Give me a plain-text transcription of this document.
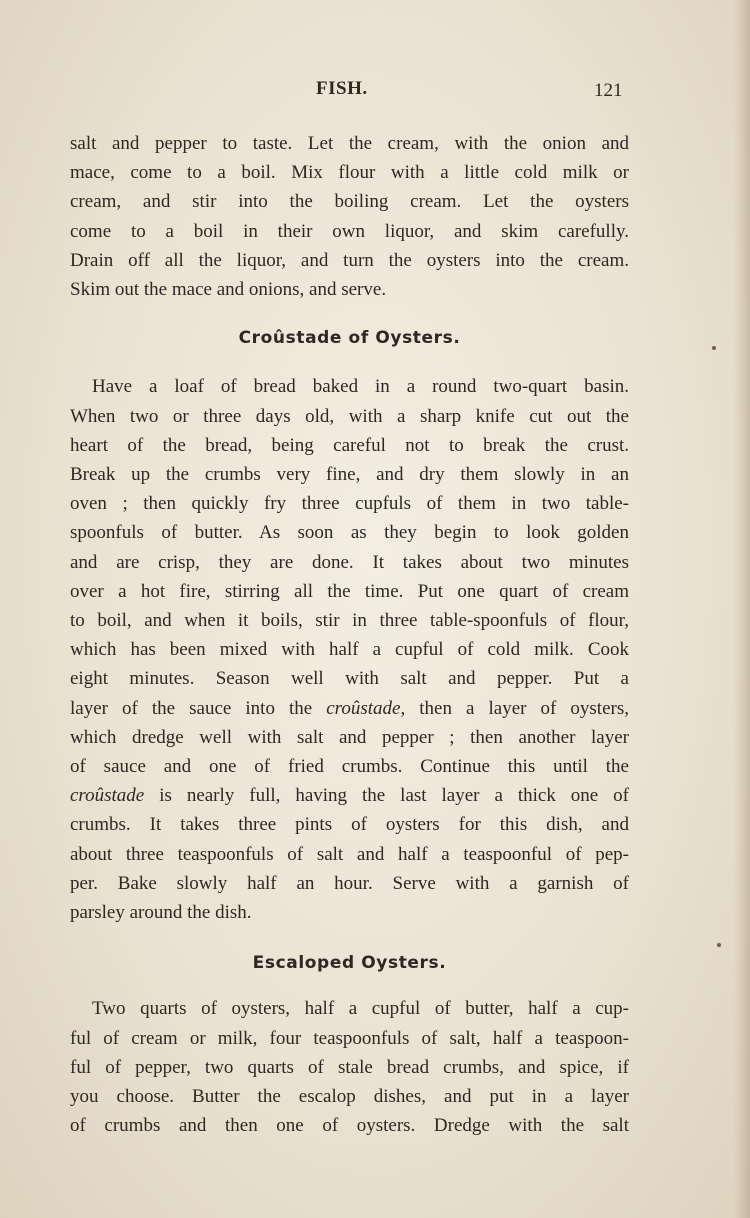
FISH.	121
salt and pepper to taste. Let the cream, with the onion and
mace, come to a boil. Mix flour with a little cold milk or
cream, and stir into the boiling cream. Let the oysters
come to a boil in their own liquor, and skim carefully.
Drain off all the liquor, and turn the oysters into the cream.
Skim out the mace and onions, and serve.
Croûstade of Oysters.
Have a loaf of bread baked in a round two-quart basin.
When two or three days old, with a sharp knife cut out the
heart of the bread, being careful not to break the crust.
Break up the crumbs very fine, and dry them slowly in an
oven ; then quickly fry three cupfuls of them in two table-
spoonfuls of butter. As soon as they begin to look golden
and are crisp, they are done. It takes about two minutes
over a hot fire, stirring all the time. Put one quart of cream
to boil, and when it boils, stir in three table-spoonfuls of flour,
which has been mixed with half a cupful of cold milk. Cook
eight minutes. Season well with salt and pepper. Put a
layer of the sauce into the croûstade, then a layer of oysters,
which dredge well with salt and pepper ; then another layer
of sauce and one of fried crumbs. Continue this until the
croûstade is nearly full, having the last layer a thick one of
crumbs. It takes three pints of oysters for this dish, and
about three teaspoonfuls of salt and half a teaspoonful of pep-
per. Bake slowly half an hour. Serve with a garnish of
parsley around the dish.
Escaloped Oysters.
Two quarts of oysters, half a cupful of butter, half a cup-
ful of cream or milk, four teaspoonfuls of salt, half a teaspoon-
ful of pepper, two quarts of stale bread crumbs, and spice, if
you choose. Butter the escalop dishes, and put in a layer
of crumbs and then one of oysters. Dredge with the salt
